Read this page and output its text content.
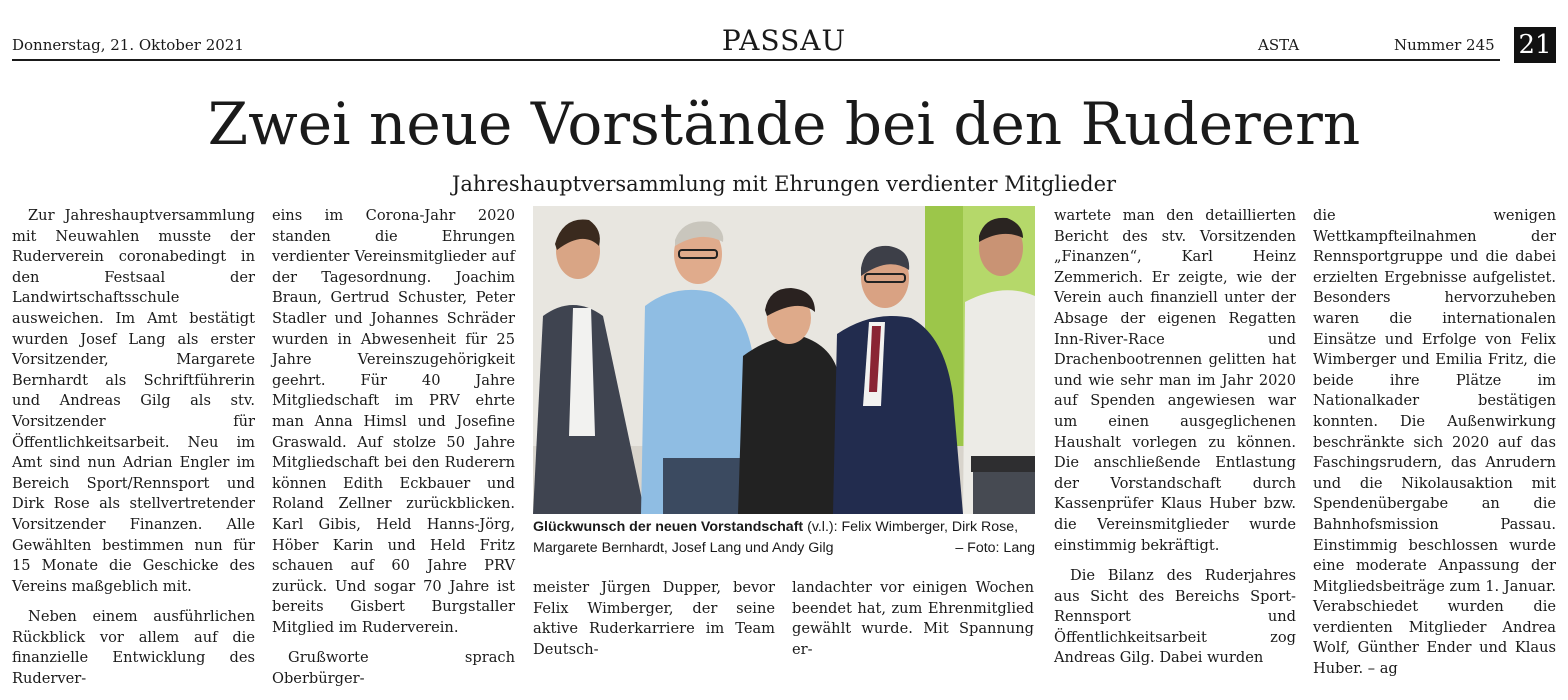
Donnerstag, 21. Oktober 2021	PASSAU	ASTA	Nummer 245 21
Zwei neue Vorstände bei den Ruderern
Jahreshauptversammlung mit Ehrungen verdienter Mitglieder

Zur Jahreshauptversammlung mit Neuwahlen musste der Ruderverein coronabedingt in den Festsaal der Landwirtschaftsschule ausweichen. Im Amt bestätigt wurden Josef Lang als erster Vorsitzender, Margarete Bernhardt als Schriftführerin und Andreas Gilg als stv. Vorsitzender für Öffentlichkeitsarbeit. Neu im Amt sind nun Adrian Engler im Bereich Sport/Rennsport und Dirk Rose als stellvertretender Vorsitzender Finanzen. Alle Gewählten bestimmen nun für 15 Monate die Geschicke des Vereins maßgeblich mit.

Neben einem ausführlichen Rückblick vor allem auf die finanzielle Entwicklung des Ruderver-

eins im Corona-Jahr 2020 standen die Ehrungen verdienter Vereinsmitglieder auf der Tagesordnung. Joachim Braun, Gertrud Schuster, Peter Stadler und Johannes Schräder wurden in Abwesenheit für 25 Jahre Vereinszugehörigkeit geehrt. Für 40 Jahre Mitgliedschaft im PRV ehrte man Anna Himsl und Josefine Graswald. Auf stolze 50 Jahre Mitgliedschaft bei den Ruderern können Edith Eckbauer und Roland Zellner zurückblicken. Karl Gibis, Held Hanns-Jörg, Höber Karin und Held Fritz schauen auf 60 Jahre PRV zurück. Und sogar 70 Jahre ist bereits Gisbert Burgstaller Mitglied im Ruderverein.

Grußworte sprach Oberbürger-

Glückwunsch der neuen Vorstandschaft (v.l.): Felix Wimberger, Dirk Rose, Margarete Bernhardt, Josef Lang und Andy Gilg	– Foto: Lang

meister Jürgen Dupper, bevor Felix Wimberger, der seine aktive Ruderkarriere im Team Deutsch-

landachter vor einigen Wochen beendet hat, zum Ehrenmitglied gewählt wurde. Mit Spannung er-

wartete man den detaillierten Bericht des stv. Vorsitzenden „Finanzen“, Karl Heinz Zemmerich. Er zeigte, wie der Verein auch finanziell unter der Absage der eigenen Regatten Inn-River-Race und Drachenbootrennen gelitten hat und wie sehr man im Jahr 2020 auf Spenden angewiesen war um einen ausgeglichenen Haushalt vorlegen zu können. Die anschließende Entlastung der Vorstandschaft durch Kassenprüfer Klaus Huber bzw. die Vereinsmitglieder wurde einstimmig bekräftigt.

Die Bilanz des Ruderjahres aus Sicht des Bereichs Sport-Rennsport und Öffentlichkeitsarbeit zog Andreas Gilg. Dabei wurden

die wenigen Wettkampfteilnahmen der Rennsportgruppe und die dabei erzielten Ergebnisse aufgelistet. Besonders hervorzuheben waren die internationalen Einsätze und Erfolge von Felix Wimberger und Emilia Fritz, die beide ihre Plätze im Nationalkader bestätigen konnten. Die Außenwirkung beschränkte sich 2020 auf das Faschingsrudern, das Anrudern und die Nikolausaktion mit Spendenübergabe an die Bahnhofsmission Passau. Einstimmig beschlossen wurde eine moderate Anpassung der Mitgliedsbeiträge zum 1. Januar. Verabschiedet wurden die verdienten Mitglieder Andrea Wolf, Günther Ender und Klaus Huber. – ag
